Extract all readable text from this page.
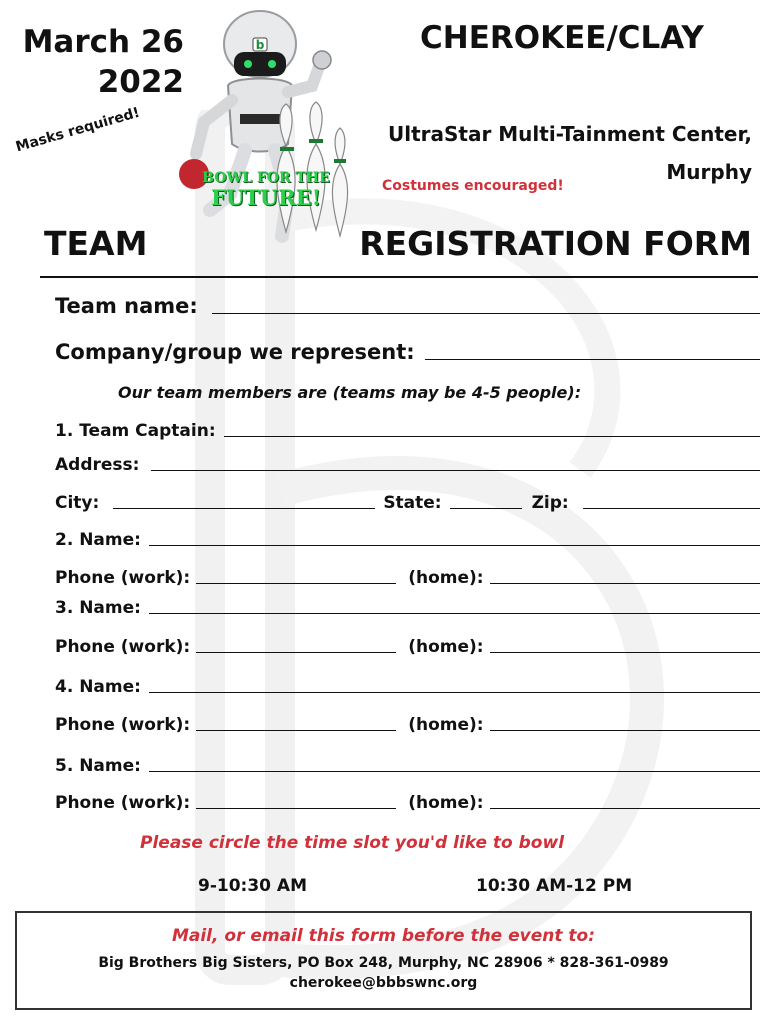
March 26
2022
CHEROKEE/CLAY
Masks required!
b
BOWL FOR THE
FUTURE!
UltraStar Multi-Tainment Center,
Murphy
Costumes encouraged!
TEAM	REGISTRATION FORM
Team name:
Company/group we represent:
Our team members are (teams may be 4-5 people):
1. Team Captain:
Address:
City:	State:	Zip:
2. Name:
Phone (work):	(home):
3. Name:
Phone (work):	(home):
4. Name:
Phone (work):	(home):
5. Name:
Phone (work):	(home):
Please circle the time slot you'd like to bowl
9-10:30 AM	10:30 AM-12 PM
Mail, or email this form before the event to:
Big Brothers Big Sisters, PO Box 248, Murphy, NC 28906 * 828-361-0989
cherokee@bbbswnc.org
